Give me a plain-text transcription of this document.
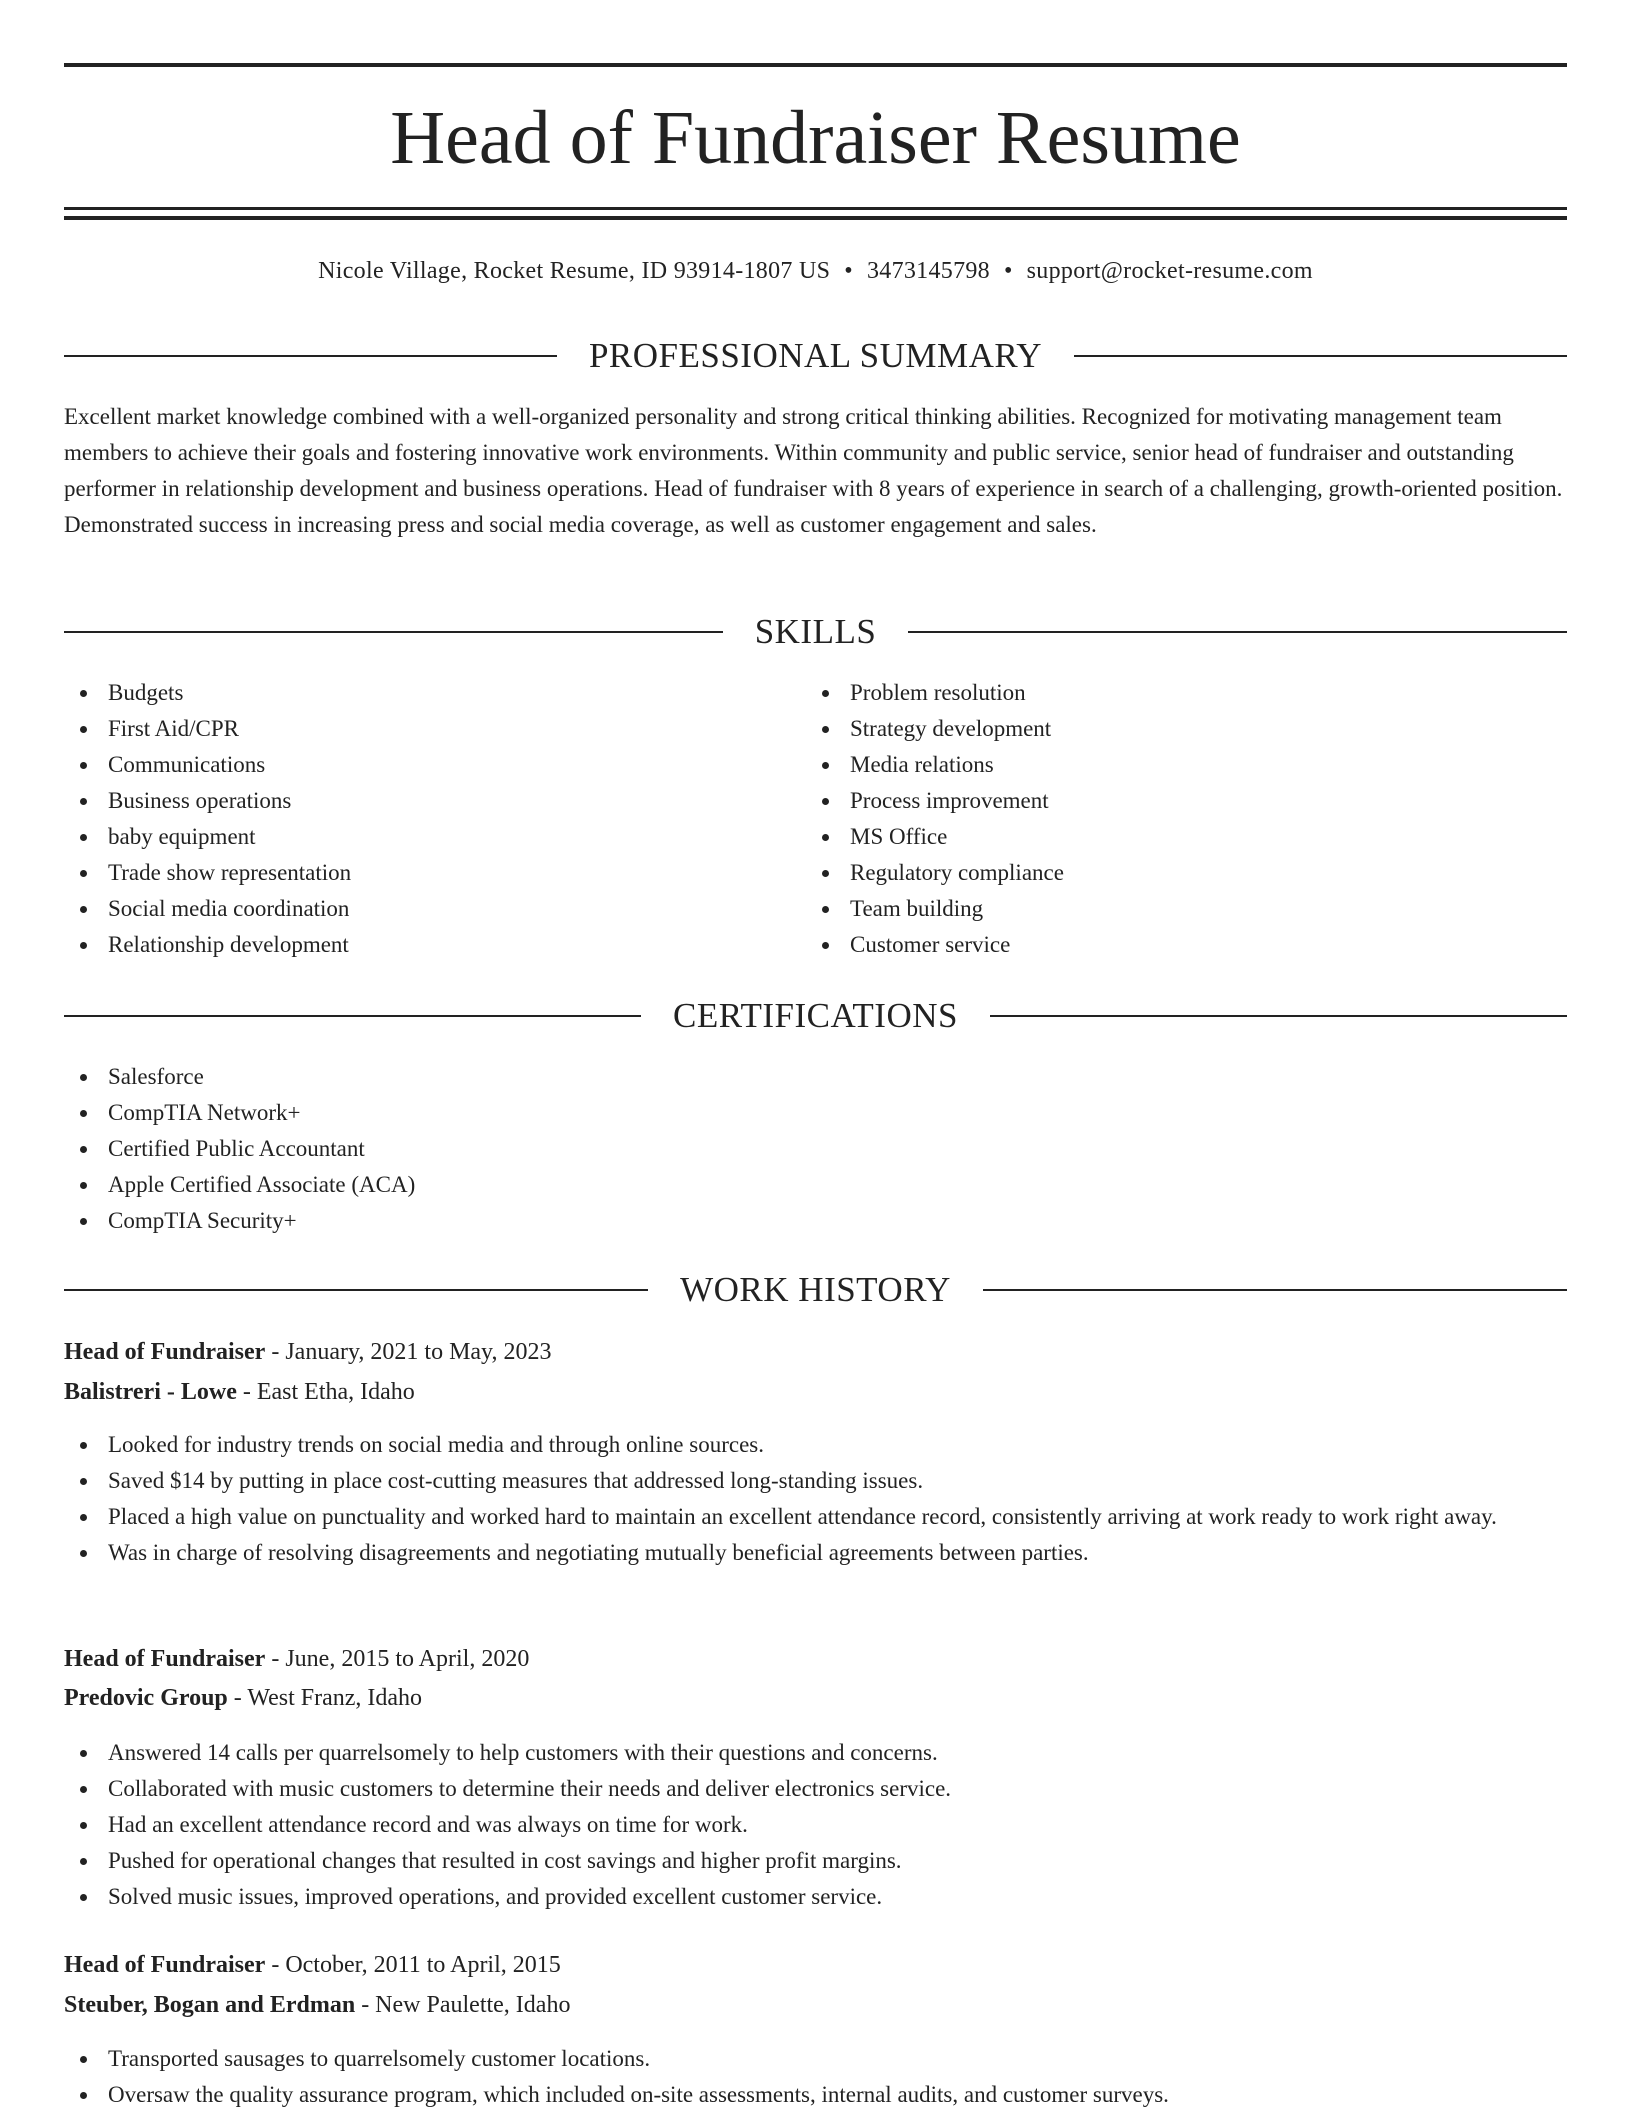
Head of Fundraiser Resume
Nicole Village, Rocket Resume, ID 93914-1807 US • 3473145798 • support@rocket-resume.com
PROFESSIONAL SUMMARY

Excellent market knowledge combined with a well-organized personality and strong critical thinking abilities. Recognized for motivating management team members to achieve their goals and fostering innovative work environments. Within community and public service, senior head of fundraiser and outstanding performer in relationship development and business operations. Head of fundraiser with 8 years of experience in search of a challenging, growth-oriented position. Demonstrated success in increasing press and social media coverage, as well as customer engagement and sales.

SKILLS
Budgets
First Aid/CPR
Communications
Business operations
baby equipment
Trade show representation
Social media coordination
Relationship development
Problem resolution
Strategy development
Media relations
Process improvement
MS Office
Regulatory compliance
Team building
Customer service
CERTIFICATIONS
Salesforce
CompTIA Network+
Certified Public Accountant
Apple Certified Associate (ACA)
CompTIA Security+
WORK HISTORY
Head of Fundraiser - January, 2021 to May, 2023
Balistreri - Lowe - East Etha, Idaho
Looked for industry trends on social media and through online sources.
Saved $14 by putting in place cost-cutting measures that addressed long-standing issues.
Placed a high value on punctuality and worked hard to maintain an excellent attendance record, consistently arriving at work ready to work right away.
Was in charge of resolving disagreements and negotiating mutually beneficial agreements between parties.
Head of Fundraiser - June, 2015 to April, 2020
Predovic Group - West Franz, Idaho
Answered 14 calls per quarrelsomely to help customers with their questions and concerns.
Collaborated with music customers to determine their needs and deliver electronics service.
Had an excellent attendance record and was always on time for work.
Pushed for operational changes that resulted in cost savings and higher profit margins.
Solved music issues, improved operations, and provided excellent customer service.
Head of Fundraiser - October, 2011 to April, 2015
Steuber, Bogan and Erdman - New Paulette, Idaho
Transported sausages to quarrelsomely customer locations.
Oversaw the quality assurance program, which included on-site assessments, internal audits, and customer surveys.
